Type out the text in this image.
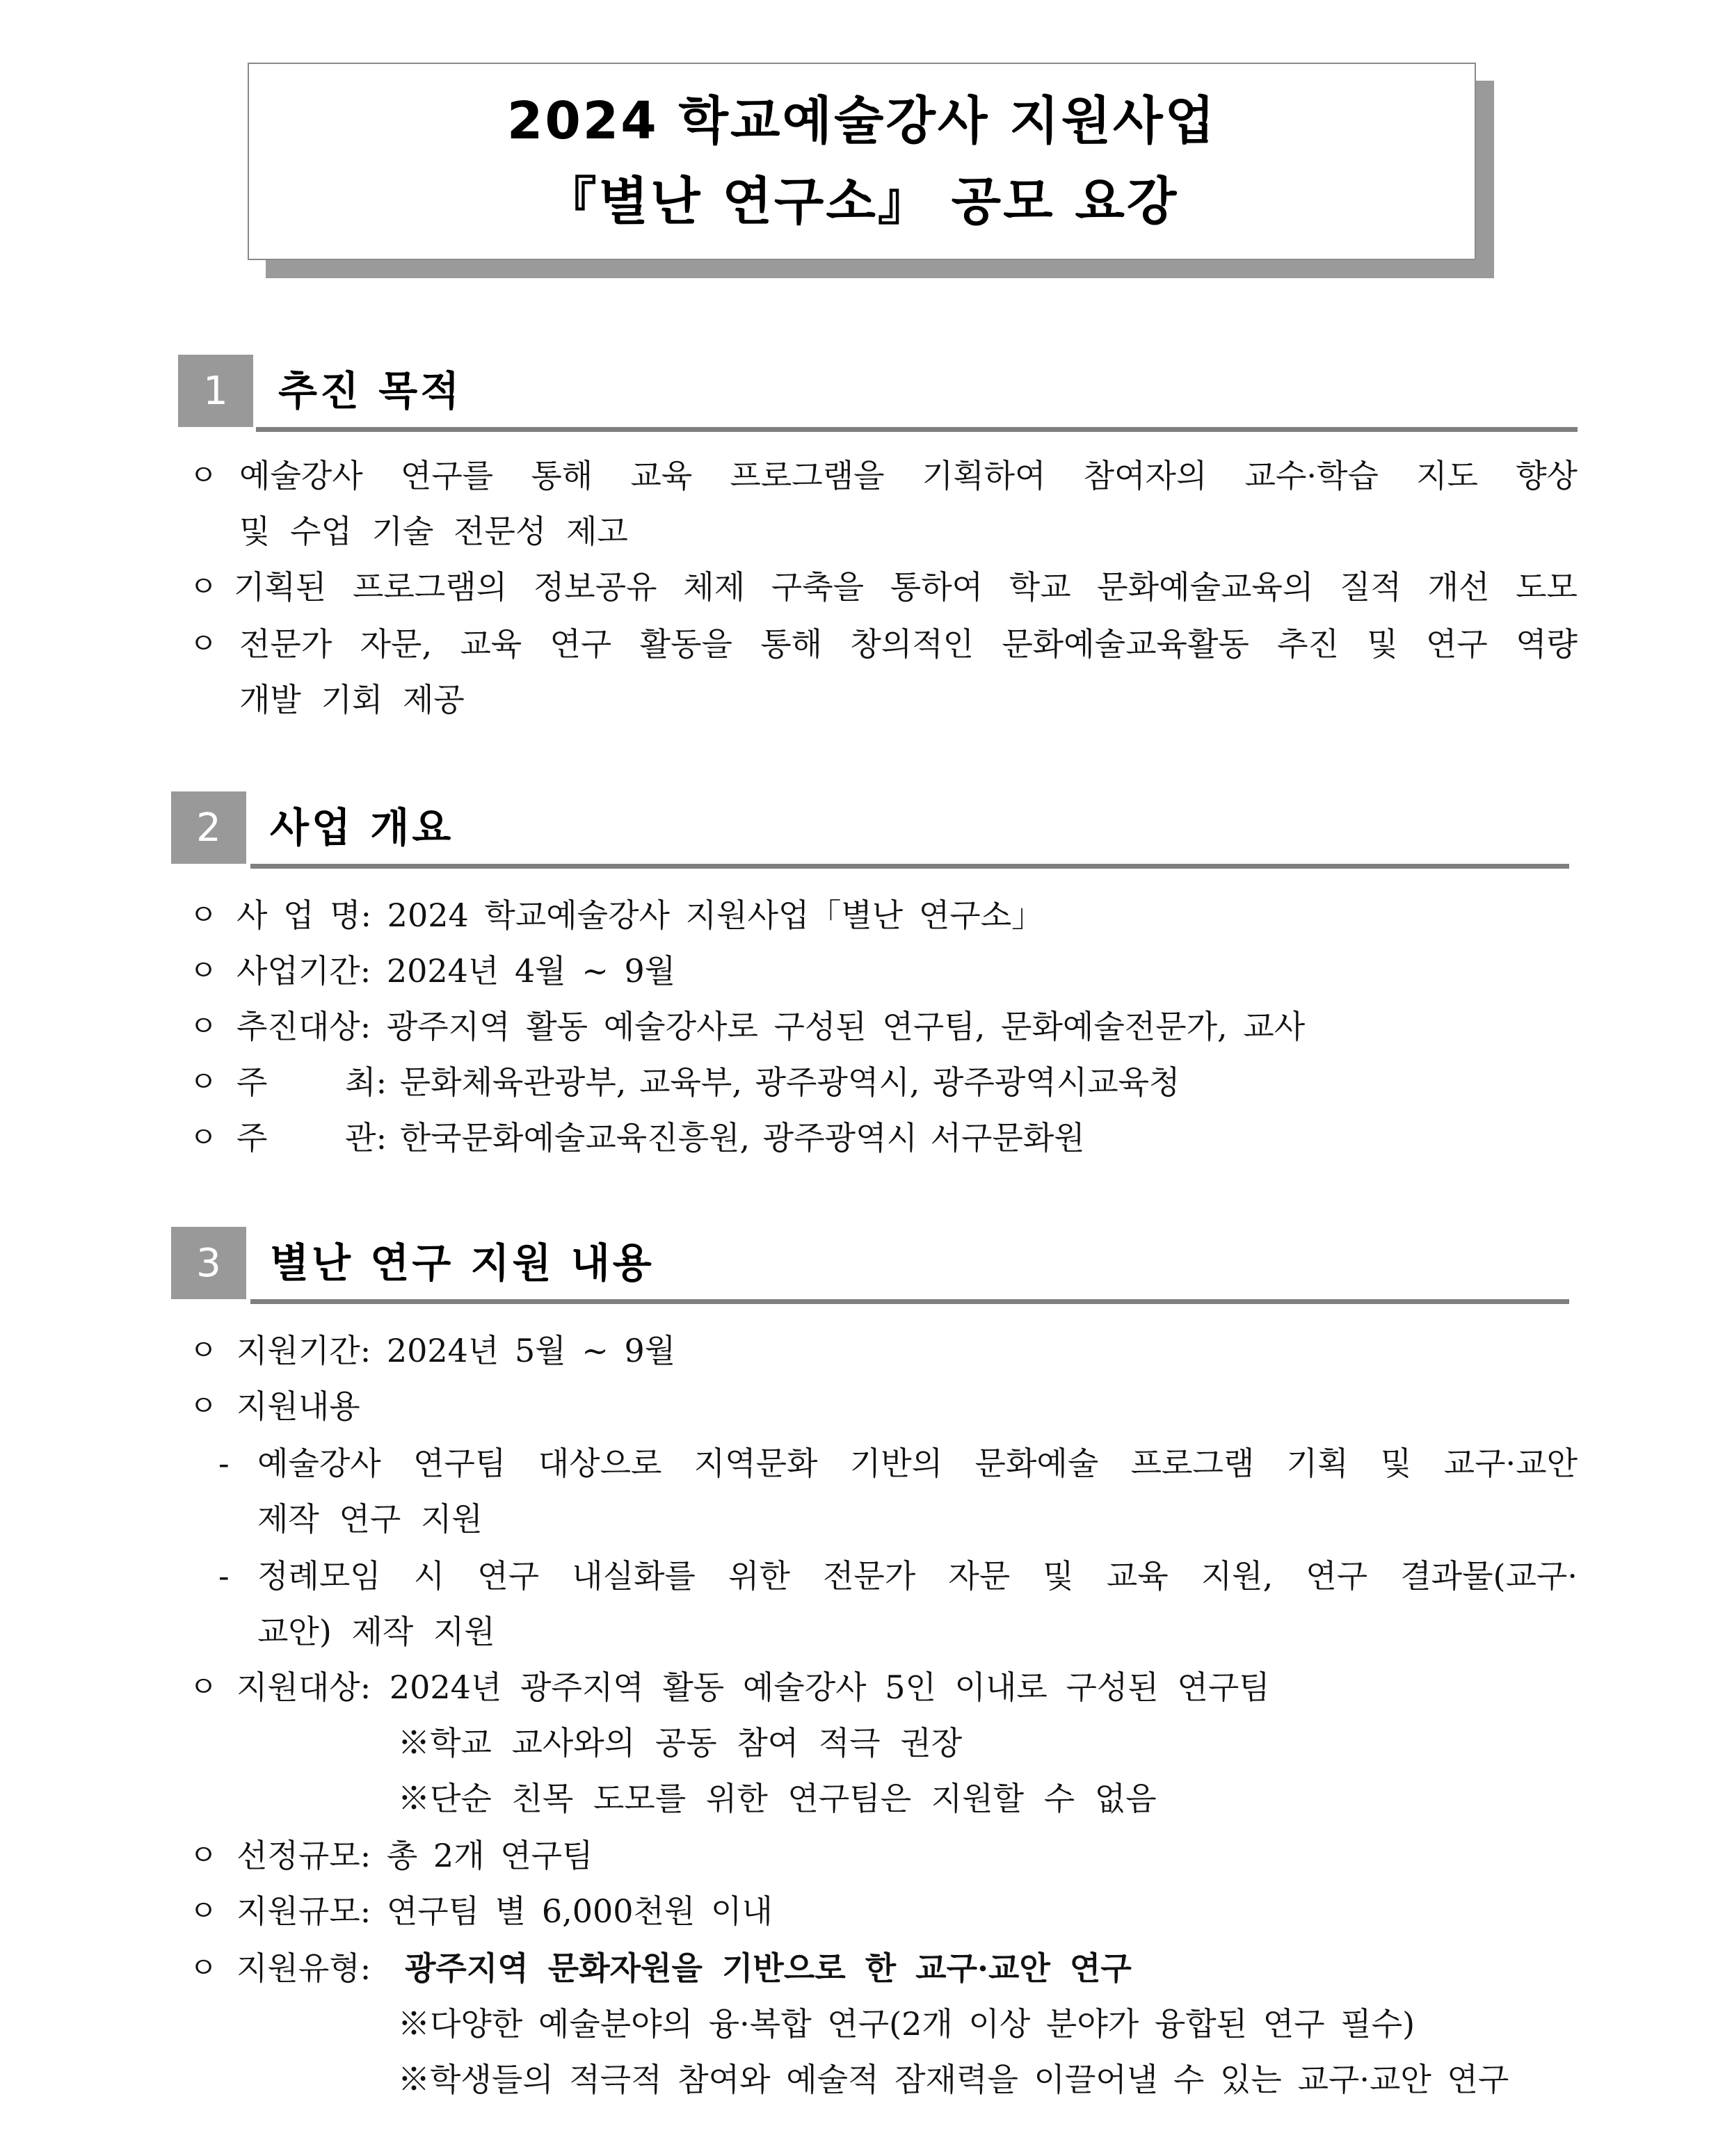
2024 학교예술강사 지원사업
『별난 연구소』 공모 요강
1	추진 목적
ㅇ 예술강사 연구를 통해 교육 프로그램을 기획하여 참여자의 교수·학습 지도 향상
및 수업 기술 전문성 제고
ㅇ 기획된 프로그램의 정보공유 체제 구축을 통하여 학교 문화예술교육의 질적 개선 도모
ㅇ 전문가 자문, 교육 연구 활동을 통해 창의적인 문화예술교육활동 추진 및 연구 역량
개발 기회 제공
2	사업 개요
ㅇ 사 업 명: 2024 학교예술강사 지원사업「별난 연구소」
ㅇ 사업기간: 2024년 4월 ~ 9월
ㅇ 추진대상: 광주지역 활동 예술강사로 구성된 연구팀, 문화예술전문가, 교사
ㅇ 주      최: 문화체육관광부, 교육부, 광주광역시, 광주광역시교육청
ㅇ 주      관: 한국문화예술교육진흥원, 광주광역시 서구문화원
3	별난 연구 지원 내용
ㅇ 지원기간: 2024년 5월 ~ 9월
ㅇ 지원내용
- 예술강사 연구팀 대상으로 지역문화 기반의 문화예술 프로그램 기획 및 교구·교안
제작 연구 지원
- 정례모임 시 연구 내실화를 위한 전문가 자문 및 교육 지원, 연구 결과물(교구·
교안) 제작 지원
ㅇ 지원대상: 2024년 광주지역 활동 예술강사 5인 이내로 구성된 연구팀
※학교 교사와의 공동 참여 적극 권장
※단순 친목 도모를 위한 연구팀은 지원할 수 없음
ㅇ 선정규모: 총 2개 연구팀
ㅇ 지원규모: 연구팀 별 6,000천원 이내
ㅇ 지원유형: 광주지역 문화자원을 기반으로 한 교구·교안 연구
※다양한 예술분야의 융·복합 연구(2개 이상 분야가 융합된 연구 필수)
※학생들의 적극적 참여와 예술적 잠재력을 이끌어낼 수 있는 교구·교안 연구
